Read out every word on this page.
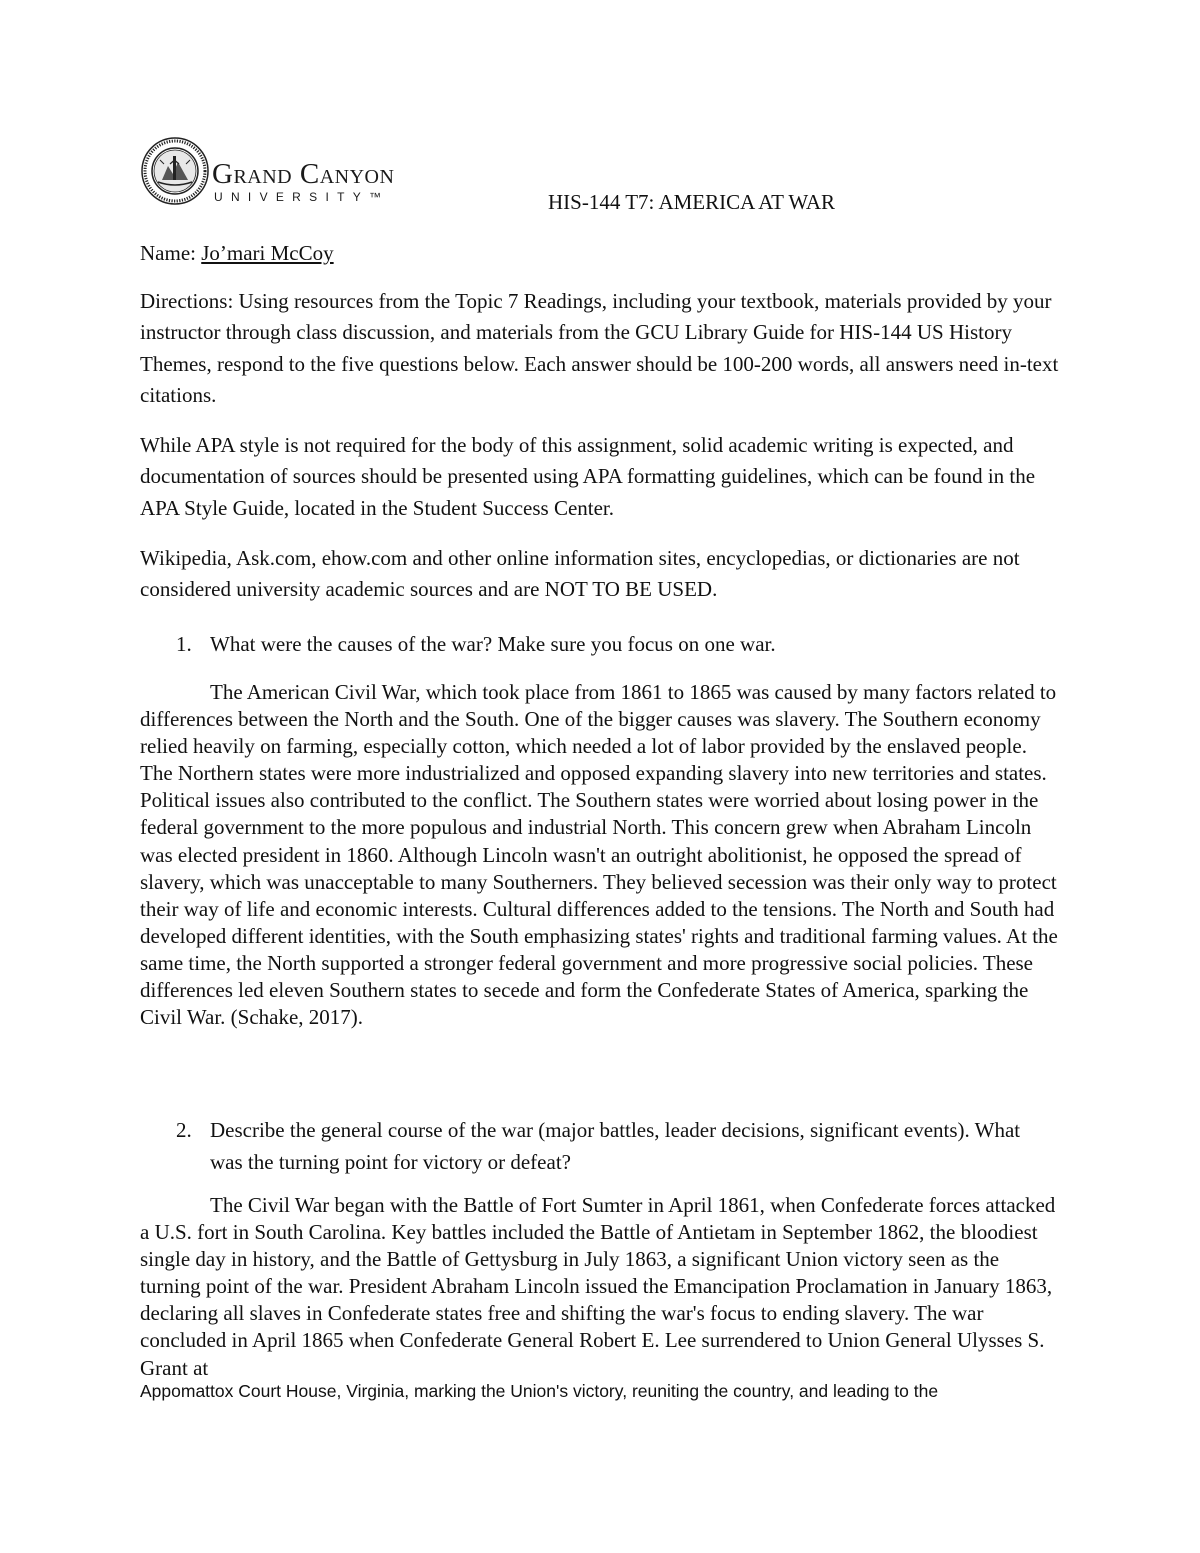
Grand Canyon
UNIVERSITY™	HIS-144 T7: AMERICA AT WAR
Name: Jo’mari McCoy

Directions: Using resources from the Topic 7 Readings, including your textbook, materials provided by your instructor through class discussion, and materials from the GCU Library Guide for HIS-144 US History Themes, respond to the five questions below. Each answer should be 100-200 words, all answers need in-text citations.

While APA style is not required for the body of this assignment, solid academic writing is expected, and documentation of sources should be presented using APA formatting guidelines, which can be found in the APA Style Guide, located in the Student Success Center.

Wikipedia, Ask.com, ehow.com and other online information sites, encyclopedias, or dictionaries are not considered university academic sources and are NOT TO BE USED.

1. What were the causes of the war? Make sure you focus on one war.

The American Civil War, which took place from 1861 to 1865 was caused by many factors related to differences between the North and the South. One of the bigger causes was slavery. The Southern economy relied heavily on farming, especially cotton, which needed a lot of labor provided by the enslaved people. The Northern states were more industrialized and opposed expanding slavery into new territories and states. Political issues also contributed to the conflict. The Southern states were worried about losing power in the federal government to the more populous and industrial North. This concern grew when Abraham Lincoln was elected president in 1860. Although Lincoln wasn't an outright abolitionist, he opposed the spread of slavery, which was unacceptable to many Southerners. They believed secession was their only way to protect their way of life and economic interests. Cultural differences added to the tensions. The North and South had developed different identities, with the South emphasizing states' rights and traditional farming values. At the same time, the North supported a stronger federal government and more progressive social policies. These differences led eleven Southern states to secede and form the Confederate States of America, sparking the Civil War. (Schake, 2017).

2. Describe the general course of the war (major battles, leader decisions, significant events). What was the turning point for victory or defeat?

The Civil War began with the Battle of Fort Sumter in April 1861, when Confederate forces attacked a U.S. fort in South Carolina. Key battles included the Battle of Antietam in September 1862, the bloodiest single day in history, and the Battle of Gettysburg in July 1863, a significant Union victory seen as the turning point of the war. President Abraham Lincoln issued the Emancipation Proclamation in January 1863, declaring all slaves in Confederate states free and shifting the war's focus to ending slavery. The war concluded in April 1865 when Confederate General Robert E. Lee surrendered to Union General Ulysses S. Grant at

Appomattox Court House, Virginia, marking the Union's victory, reuniting the country, and leading to the
